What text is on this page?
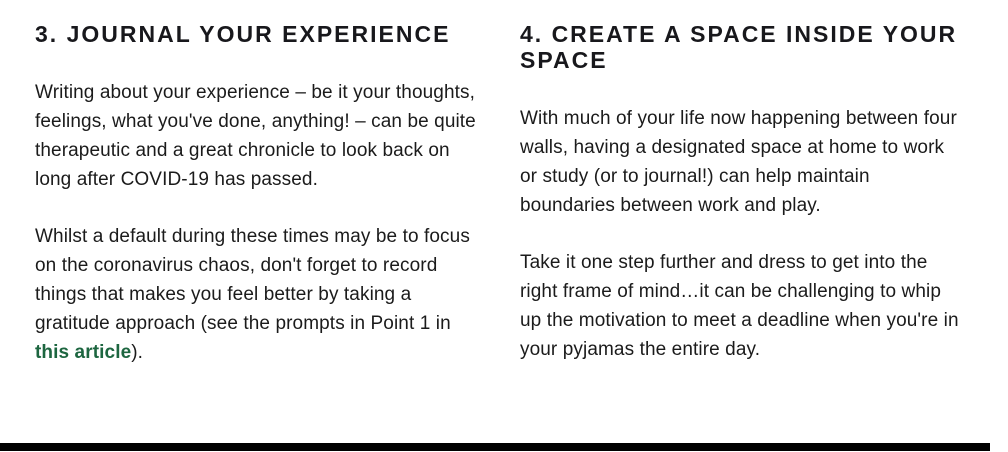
3. JOURNAL YOUR EXPERIENCE

Writing about your experience – be it your thoughts, feelings, what you've done, anything! – can be quite therapeutic and a great chronicle to look back on long after COVID-19 has passed.

Whilst a default during these times may be to focus on the coronavirus chaos, don't forget to record things that makes you feel better by taking a gratitude approach (see the prompts in Point 1 in this article).

4. CREATE A SPACE INSIDE YOUR SPACE

With much of your life now happening between four walls, having a designated space at home to work or study (or to journal!) can help maintain boundaries between work and play.

Take it one step further and dress to get into the right frame of mind…it can be challenging to whip up the motivation to meet a deadline when you're in your pyjamas the entire day.
